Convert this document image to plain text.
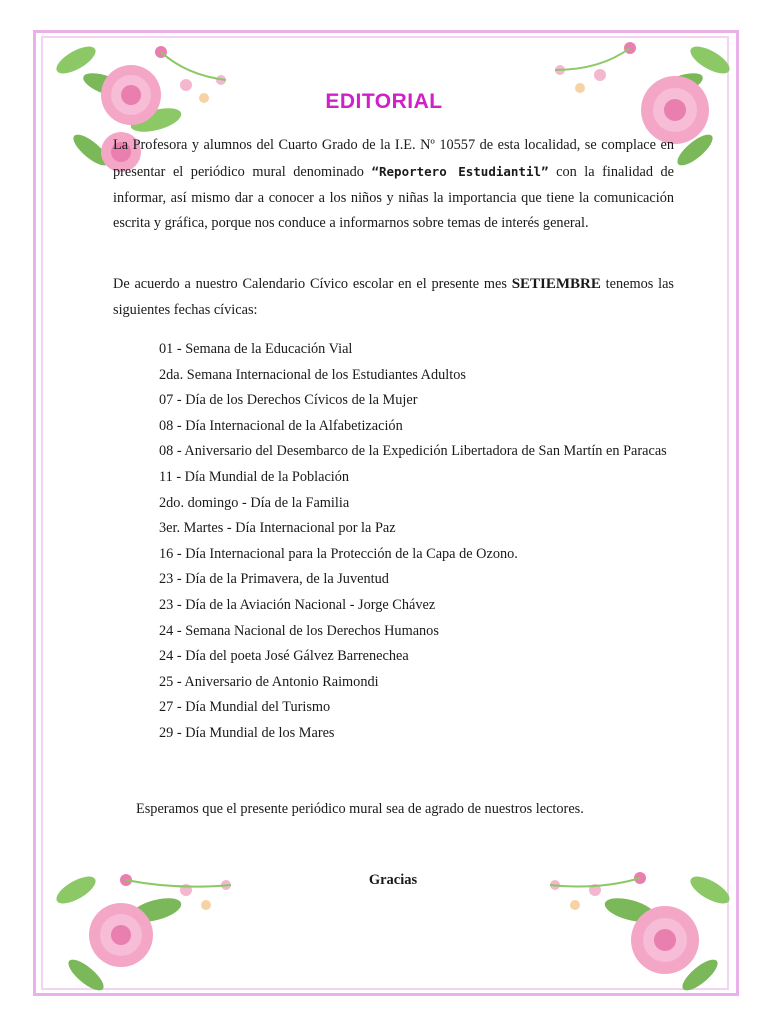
EDITORIAL

La Profesora y alumnos del Cuarto Grado de la I.E. Nº 10557 de esta localidad, se complace en presentar el periódico mural denominado “Reportero Estudiantil” con la finalidad de informar, así mismo dar a conocer a los niños y niñas la importancia que tiene la comunicación escrita y gráfica, porque nos conduce a informarnos sobre temas de interés general.

De acuerdo a nuestro Calendario Cívico escolar en el presente mes SETIEMBRE tenemos las siguientes fechas cívicas:

01 - Semana de la Educación Vial
2da. Semana Internacional de los Estudiantes Adultos
07 - Día de los Derechos Cívicos de la Mujer
08 - Día Internacional de la Alfabetización
08 - Aniversario del Desembarco de la Expedición Libertadora de San Martín en Paracas
11 - Día Mundial de la Población
2do. domingo - Día de la Familia
3er. Martes - Día Internacional por la Paz
16 - Día Internacional para la Protección de la Capa de Ozono.
23 - Día de la Primavera, de la Juventud
23 - Día de la Aviación Nacional - Jorge Chávez
24 - Semana Nacional de los Derechos Humanos
24 - Día del poeta José Gálvez Barrenechea
25 - Aniversario de Antonio Raimondi
27 - Día Mundial del Turismo
29 - Día Mundial de los Mares
Esperamos que el presente periódico mural sea de agrado de nuestros lectores.
Gracias
